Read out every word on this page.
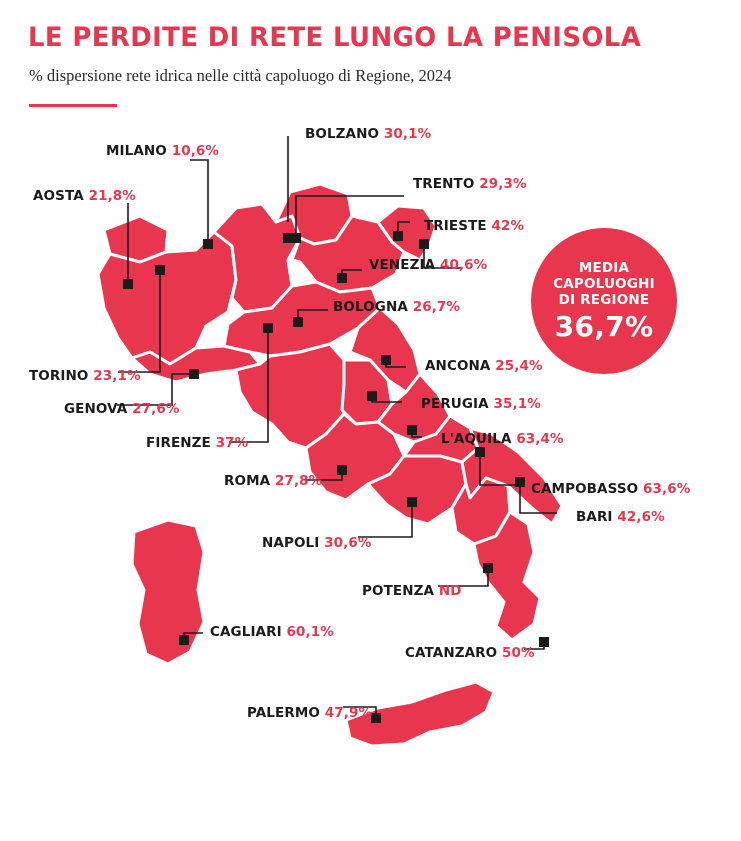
LE PERDITE DI RETE LUNGO LA PENISOLA
% dispersione rete idrica nelle città capoluogo di Regione, 2024
MEDIA
CAPOLUOGHI
DI REGIONE
36,7%
BOLZANO 30,1%
MILANO 10,6%
TRENTO 29,3%
AOSTA 21,8%
TRIESTE 42%
VENEZIA 40,6%
BOLOGNA 26,7%
ANCONA 25,4%
TORINO 23,1%
PERUGIA 35,1%
GENOVA 27,6%
L'AQUILA 63,4%
FIRENZE 37%
ROMA 27,8%	CAMPOBASSO 63,6%
BARI 42,6%
NAPOLI 30,6%
POTENZA ND
CAGLIARI 60,1%
CATANZARO 50%
PALERMO 47,9%
